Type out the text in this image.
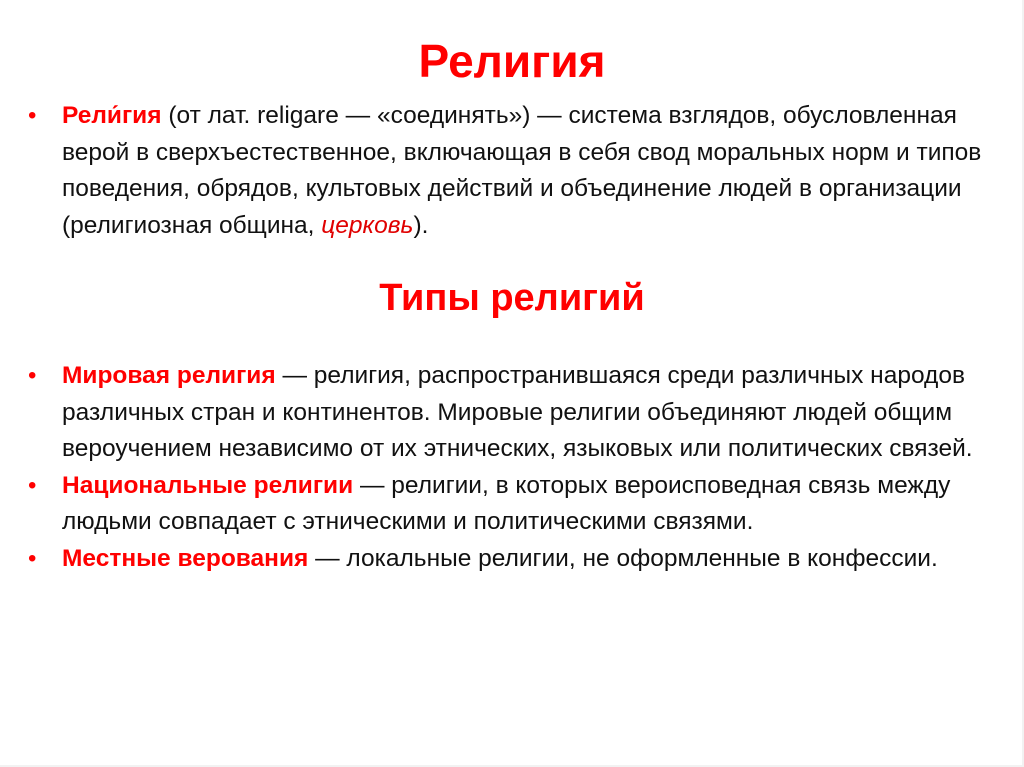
Религия

• Рели́гия (от лат. religare — «соединять») — система взглядов, обусловленная верой в сверхъестественное, включающая в себя свод моральных норм и типов поведения, обрядов, культовых действий и объединение людей в организации (религиозная община, церковь).

Типы религий

• Мировая религия — религия, распространившаяся среди различных народов различных стран и континентов. Мировые религии объединяют людей общим вероучением независимо от их этнических, языковых или политических связей.

• Национальные религии — религии, в которых вероисповедная связь между людьми совпадает с этническими и политическими связями.

• Местные верования — локальные религии, не оформленные в конфессии.
